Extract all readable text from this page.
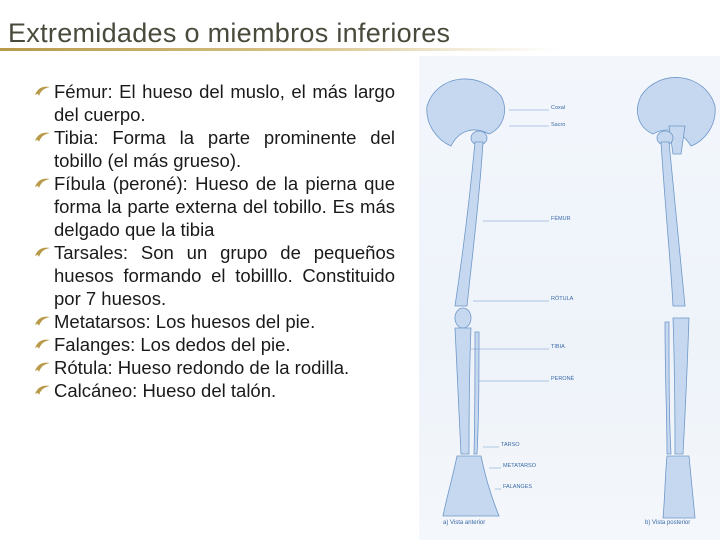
Extremidades o miembros inferiores
Fémur: El hueso del muslo, el más largo del cuerpo.
Tibia: Forma la parte prominente del tobillo (el más grueso).
Fíbula (peroné): Hueso de la pierna que forma la parte externa del tobillo. Es más delgado que la tibia
Tarsales: Son un grupo de pequeños huesos formando el tobilllo. Constituido por 7 huesos.
Metatarsos: Los huesos del pie.
Falanges: Los dedos del pie.
Rótula: Hueso redondo de la rodilla.
Calcáneo: Hueso del talón.
Coxal
Sacro
FÉMUR
RÓTULA
TIBIA
PERONÉ
TARSO
METATARSO
FALANGES
a) Vista anterior	b) Vista posterior
